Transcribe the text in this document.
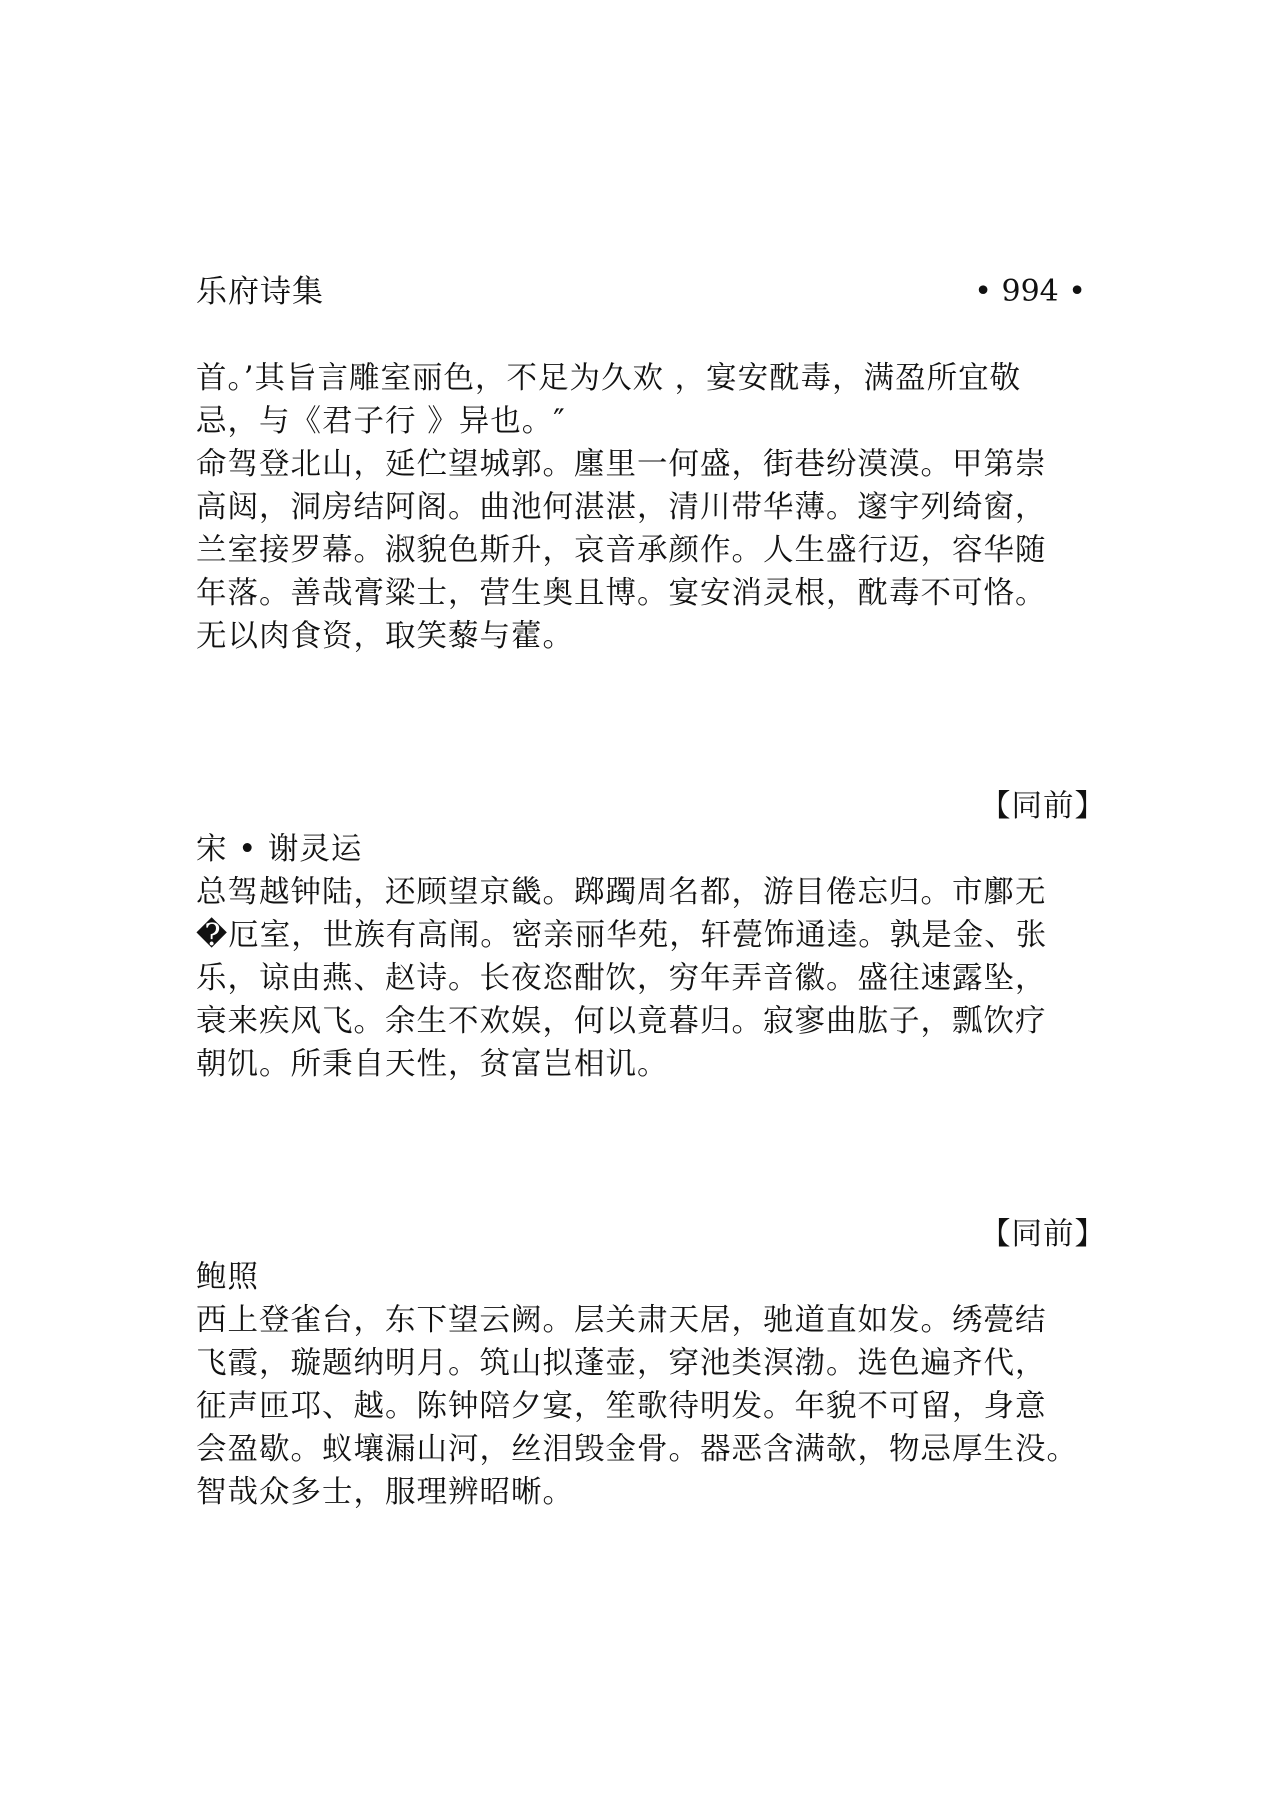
乐府诗集	• 994 •
首。’其旨言雕室丽色，不足为久欢 ，宴安酖毒，满盈所宜敬
忌，与《君子行 》异也。″
命驾登北山，延伫望城郭。廛里一何盛，街巷纷漠漠。甲第崇
高闼，洞房结阿阁。曲池何湛湛，清川带华薄。邃宇列绮窗，
兰室接罗幕。淑貌色斯升，哀音承颜作。人生盛行迈，容华随
年落。善哉膏粱士，营生奥且博。宴安消灵根，酖毒不可恪。
无以肉食资，取笑藜与藿。
【同前】
宋 • 谢灵运
总驾越钟陆，还顾望京畿。踯躅周名都，游目倦忘归。市鄽无
�厄室，世族有高闱。密亲丽华苑，轩甍饰通逵。孰是金、张
乐，谅由燕、赵诗。长夜恣酣饮，穷年弄音徽。盛往速露坠，
衰来疾风飞。余生不欢娱，何以竟暮归。寂寥曲肱子，瓢饮疗
朝饥。所秉自天性，贫富岂相讥。
【同前】
鲍照
西上登雀台，东下望云阙。层关肃天居，驰道直如发。绣甍结
飞霞，璇题纳明月。筑山拟蓬壶，穿池类溟渤。选色遍齐代，
征声匝邛、越。陈钟陪夕宴，笙歌待明发。年貌不可留，身意
会盈歇。蚁壤漏山河，丝泪毁金骨。器恶含满欹，物忌厚生没。
智哉众多士，服理辨昭晰。
